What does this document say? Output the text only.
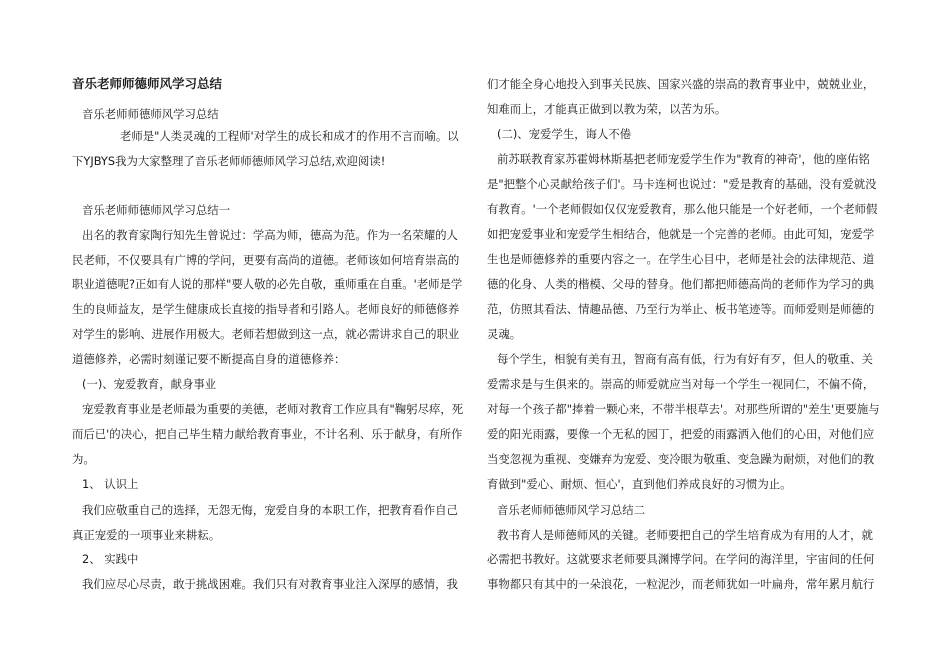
音乐老师师德师风学习总结
音乐老师师德师风学习总结
老师是"人类灵魂的工程师'对学生的成长和成才的作用不言而喻。以
下YJBYS我为大家整理了音乐老师师德师风学习总结,欢迎阅读!
音乐老师师德师风学习总结一
出名的教育家陶行知先生曾说过：学高为师，德高为范。作为一名荣耀的人
民老师，不仅要具有广博的学问，更要有高尚的道德。老师该如何培育崇高的
职业道德呢?正如有人说的那样"要人敬的必先自敬，重师重在自重。'老师是学
生的良师益友，是学生健康成长直接的指导者和引路人。老师良好的师德修养
对学生的影响、进展作用极大。老师若想做到这一点，就必需讲求自己的职业
道德修养，必需时刻谨记要不断提高自身的道德修养：
(一)、宠爱教育，献身事业
宠爱教育事业是老师最为重要的美德，老师对教育工作应具有"鞠躬尽瘁，死
而后已'的决心，把自己毕生精力献给教育事业，不计名利、乐于献身，有所作
为。
1、 认识上
我们应敬重自己的选择，无怨无悔，宠爱自身的本职工作，把教育看作自己
真正宠爱的一项事业来耕耘。
2、 实践中
我们应尽心尽责，敢于挑战困难。我们只有对教育事业注入深厚的感情，我
们才能全身心地投入到事关民族、国家兴盛的崇高的教育事业中，兢兢业业，
知难而上，才能真正做到以教为荣，以苦为乐。
(二)、宠爱学生，诲人不倦
前苏联教育家苏霍姆林斯基把老师宠爱学生作为"教育的神奇'，他的座佑铭
是"把整个心灵献给孩子们'。马卡连柯也说过："爱是教育的基础，没有爱就没
有教育。'一个老师假如仅仅宠爱教育，那么他只能是一个好老师，一个老师假
如把宠爱事业和宠爱学生相结合，他就是一个完善的老师。由此可知，宠爱学
生也是师德修养的重要内容之一。在学生心目中，老师是社会的法律规范、道
德的化身、人类的楷模、父母的替身。他们都把师德高尚的老师作为学习的典
范，仿照其看法、情趣品德、乃至行为举止、板书笔迹等。而师爱则是师德的
灵魂。
每个学生，相貌有美有丑，智商有高有低，行为有好有歹，但人的敬重、关
爱需求是与生俱来的。崇高的师爱就应当对每一个学生一视同仁，不偏不倚，
对每一个孩子都"捧着一颗心来，不带半根草去'。对那些所谓的"差生'更要施与
爱的阳光雨露，要像一个无私的园丁，把爱的雨露洒入他们的心田，对他们应
当变忽视为重视、变嫌弃为宠爱、变冷眼为敬重、变急躁为耐烦，对他们的教
育做到"爱心、耐烦、恒心'，直到他们养成良好的习惯为止。
音乐老师师德师风学习总结二
教书育人是师德师风的关键。老师要把自己的学生培育成为有用的人才，就
必需把书教好。这就要求老师要具渊博学问。在学问的海洋里，宇宙间的任何
事物都只有其中的一朵浪花，一粒泥沙，而老师犹如一叶扁舟，常年累月航行
